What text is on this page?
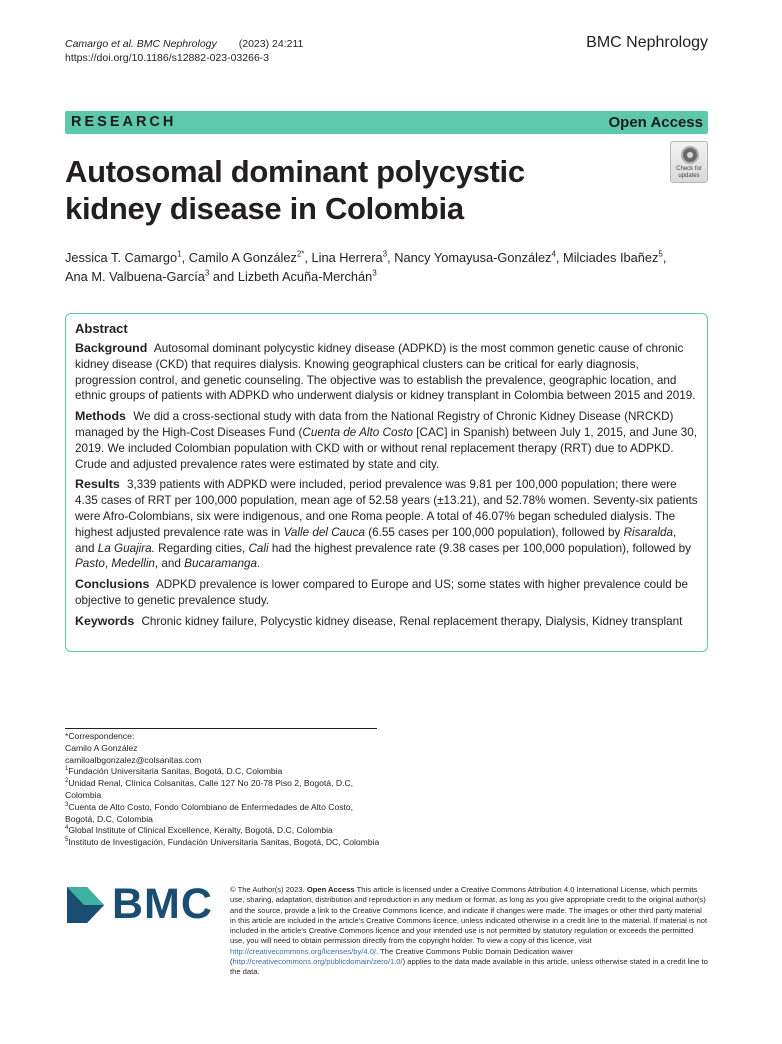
Camargo et al. BMC Nephrology (2023) 24:211
https://doi.org/10.1186/s12882-023-03266-3
BMC Nephrology
RESEARCH	Open Access
Autosomal dominant polycystic kidney disease in Colombia
Check for updates
Jessica T. Camargo$^1$, Camilo A González$^{2*}$, Lina Herrera$^3$, Nancy Yomayusa-González$^4$, Milciades Ibañez$^5$,
Ana M. Valbuena-García$^3$ and Lizbeth Acuña-Merchán$^3$
Abstract

Background Autosomal dominant polycystic kidney disease (ADPKD) is the most common genetic cause of chronic kidney disease (CKD) that requires dialysis. Knowing geographical clusters can be critical for early diagnosis, progression control, and genetic counseling. The objective was to establish the prevalence, geographic location, and ethnic groups of patients with ADPKD who underwent dialysis or kidney transplant in Colombia between 2015 and 2019.

Methods We did a cross-sectional study with data from the National Registry of Chronic Kidney Disease (NRCKD) managed by the High-Cost Diseases Fund (Cuenta de Alto Costo [CAC] in Spanish) between July 1, 2015, and June 30, 2019. We included Colombian population with CKD with or without renal replacement therapy (RRT) due to ADPKD. Crude and adjusted prevalence rates were estimated by state and city.

Results 3,339 patients with ADPKD were included, period prevalence was 9.81 per 100,000 population; there were 4.35 cases of RRT per 100,000 population, mean age of 52.58 years (±13.21), and 52.78% women. Seventy-six patients were Afro-Colombians, six were indigenous, and one Roma people. A total of 46.07% began scheduled dialysis. The highest adjusted prevalence rate was in Valle del Cauca (6.55 cases per 100,000 population), followed by Risaralda, and La Guajira. Regarding cities, Cali had the highest prevalence rate (9.38 cases per 100,000 population), followed by Pasto, Medellin, and Bucaramanga.

Conclusions ADPKD prevalence is lower compared to Europe and US; some states with higher prevalence could be objective to genetic prevalence study.

Keywords Chronic kidney failure, Polycystic kidney disease, Renal replacement therapy, Dialysis, Kidney transplant

*Correspondence:
Camilo A González
camiloalbgonzalez@colsanitas.com
$^1$Fundación Universitaria Sanitas, Bogotá, D.C, Colombia
$^2$Unidad Renal, Clínica Colsanitas, Calle 127 No 20-78 Piso 2, Bogotá, D.C, Colombia
$^3$Cuenta de Alto Costo, Fondo Colombiano de Enfermedades de Alto Costo, Bogotá, D.C, Colombia
$^4$Global Institute of Clinical Excellence, Keralty, Bogotá, D.C, Colombia
$^5$Instituto de Investigación, Fundación Universitaria Sanitas, Bogotá, DC, Colombia
BMC © The Author(s) 2023. Open Access This article is licensed under a Creative Commons Attribution 4.0 International License, which permits use, sharing, adaptation, distribution and reproduction in any medium or format, as long as you give appropriate credit to the original author(s) and the source, provide a link to the Creative Commons licence, and indicate if changes were made. The images or other third party material in this article are included in the article's Creative Commons licence, unless indicated otherwise in a credit line to the material. If material is not included in the article's Creative Commons licence and your intended use is not permitted by statutory regulation or exceeds the permitted use, you will need to obtain permission directly from the copyright holder. To view a copy of this licence, visit http://creativecommons.org/licenses/by/4.0/. The Creative Commons Public Domain Dedication waiver (http://creativecommons.org/publicdomain/zero/1.0/) applies to the data made available in this article, unless otherwise stated in a credit line to the data.
